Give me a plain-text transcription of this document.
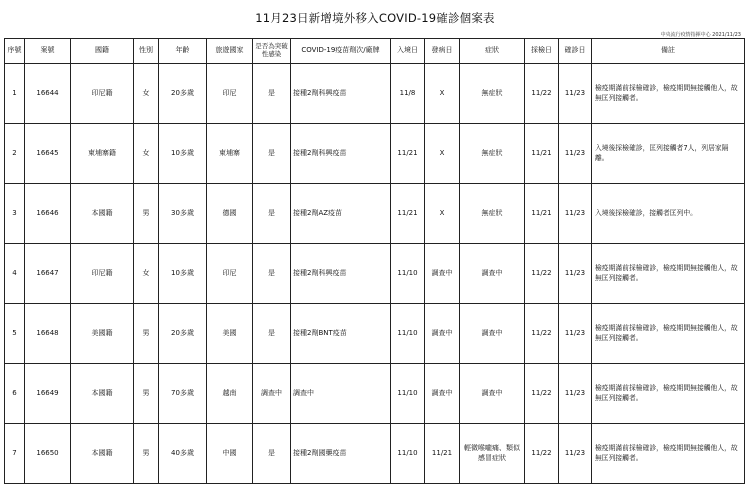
11月23日新增境外移入COVID-19確診個案表
中央流行疫情指揮中心 2021/11/23
序號	案號	國籍	性別	年齡	旅遊國家	是否為突破性感染	COVID-19疫苗劑次/廠牌	入境日	發病日	症狀	採檢日	確診日	備註
1	16644	印尼籍	女	20多歲	印尼	是	接種2劑科興疫苗	11/8	X	無症狀	11/22	11/23	檢疫期滿前採檢確診，檢疫期間無接觸他人，故無匡列接觸者。
2	16645	柬埔寨籍	女	10多歲	柬埔寨	是	接種2劑科興疫苗	11/21	X	無症狀	11/21	11/23	入境後採檢確診，匡列接觸者7人，列居家隔離。
3	16646	本國籍	男	30多歲	德國	是	接種2劑AZ疫苗	11/21	X	無症狀	11/21	11/23	入境後採檢確診，接觸者匡列中。
4	16647	印尼籍	女	10多歲	印尼	是	接種2劑科興疫苗	11/10	調查中	調查中	11/22	11/23	檢疫期滿前採檢確診，檢疫期間無接觸他人，故無匡列接觸者。
5	16648	美國籍	男	20多歲	美國	是	接種2劑BNT疫苗	11/10	調查中	調查中	11/22	11/23	檢疫期滿前採檢確診，檢疫期間無接觸他人，故無匡列接觸者。
6	16649	本國籍	男	70多歲	越南	調查中	調查中	11/10	調查中	調查中	11/22	11/23	檢疫期滿前採檢確診，檢疫期間無接觸他人，故無匡列接觸者。
7	16650	本國籍	男	40多歲	中國	是	接種2劑國藥疫苗	11/10	11/21	輕微喉嚨痛、類似感冒症狀	11/22	11/23	檢疫期滿前採檢確診，檢疫期間無接觸他人，故無匡列接觸者。
